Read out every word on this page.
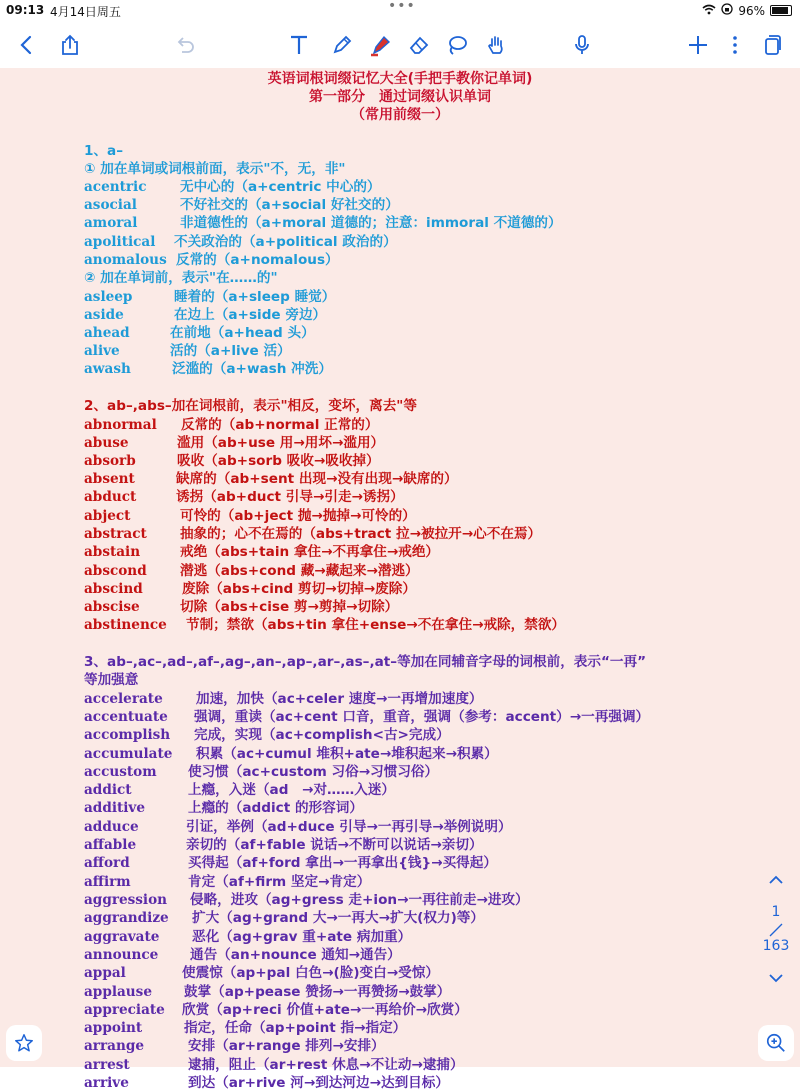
09:13 4月14日周五	•••	96%
英语词根词缀记忆大全(手把手教你记单词)
第一部分　通过词缀认识单词
（常用前缀一）
1、a–
① 加在单词或词根前面，表示"不，无，非"
acentric 无中心的（a+centric 中心的）
asocial	不好社交的（a+social 好社交的）
amoral	非道德性的（a+moral 道德的；注意：immoral 不道德的）
apolitical 不关政治的（a+political 政治的）
anomalous 反常的（a+nomalous）
② 加在单词前，表示"在……的"
asleep	睡着的（a+sleep 睡觉）
aside	在边上（a+side 旁边）
ahead	在前地（a+head 头）
alive	活的（a+live 活）
awash	泛滥的（a+wash 冲洗）
2、ab–,abs–加在词根前，表示"相反，变坏，离去"等
abnormal 反常的（ab+normal 正常的）
abuse	滥用（ab+use 用→用坏→滥用）
absorb	吸收（ab+sorb 吸收→吸收掉）
absent	缺席的（ab+sent 出现→没有出现→缺席的）
abduct	诱拐（ab+duct 引导→引走→诱拐）
abject	可怜的（ab+ject 抛→抛掉→可怜的）
abstract 抽象的；心不在焉的（abs+tract 拉→被拉开→心不在焉）
abstain	戒绝（abs+tain 拿住→不再拿住→戒绝）
abscond 潜逃（abs+cond 藏→藏起来→潜逃）
abscind	废除（abs+cind 剪切→切掉→废除）
abscise	切除（abs+cise 剪→剪掉→切除）
abstinence 节制；禁欲（abs+tin 拿住+ense→不在拿住→戒除，禁欲）
3、ab–,ac–,ad–,af–,ag–,an–,ap–,ar–,as–,at–等加在同辅音字母的词根前，表示“一再”
等加强意
accelerate 加速，加快（ac+celer 速度→一再增加速度）
accentuate 强调，重读（ac+cent 口音，重音，强调（参考：accent）→一再强调）
accomplish 完成，实现（ac+complish<古>完成）
accumulate 积累（ac+cumul 堆积+ate→堆积起来→积累）
accustom 使习惯（ac+custom 习俗→习惯习俗）
addict	上瘾，入迷（ad　→对……入迷）
additive	上瘾的（addict 的形容词）
adduce	引证，举例（ad+duce 引导→一再引导→举例说明）
affable	亲切的（af+fable 说话→不断可以说话→亲切）
afford	买得起（af+ford 拿出→一再拿出{钱}→买得起）
affirm	肯定（af+firm 坚定→肯定）
aggression 侵略，进攻（ag+gress 走+ion→一再往前走→进攻）
aggrandize 扩大（ag+grand 大→一再大→扩大(权力)等）
aggravate 恶化（ag+grav 重+ate 病加重）
announce 通告（an+nounce 通知→通告）
appal	使震惊（ap+pal 白色→(脸)变白→受惊）
applause 鼓掌（ap+pease 赞扬→一再赞扬→鼓掌）
appreciate 欣赏（ap+reci 价值+ate→一再给价→欣赏）
appoint	指定，任命（ap+point 指→指定）
arrange	安排（ar+range 排列→安排）
arrest	逮捕，阻止（ar+rest 休息→不让动→逮捕）
arrive	到达（ar+rive 河→到达河边→达到目标）
1
163
